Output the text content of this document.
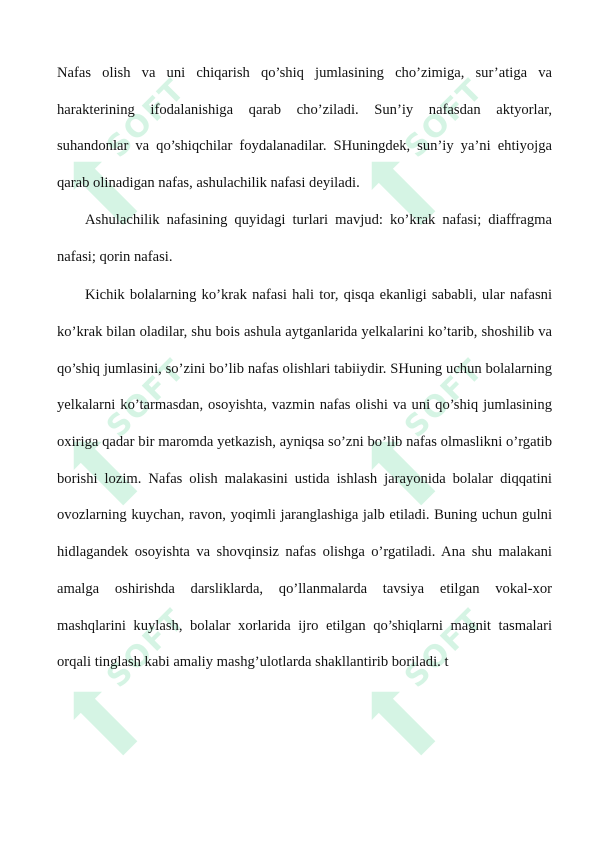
SOFT	SOFT
SOFT	SOFT
SOFT	SOFT

Nafas olish va uni chiqarish qo’shiq jumlasining cho’zimiga, sur’atiga va harakterining ifodalanishiga qarab cho’ziladi. Sun’iy nafasdan aktyorlar, suhandonlar va qo’shiqchilar foydalanadilar. SHuningdek, sun’iy ya’ni ehtiyojga qarab olinadigan nafas, ashulachilik nafasi deyiladi.

Ashulachilik nafasining quyidagi turlari mavjud: ko’krak nafasi; diaffragma nafasi; qorin nafasi.

Kichik bolalarning ko’krak nafasi hali tor, qisqa ekanligi sababli, ular nafasni ko’krak bilan oladilar, shu bois ashula aytganlarida yelkalarini ko’tarib, shoshilib va qo’shiq jumlasini, so’zini bo’lib nafas olishlari tabiiydir. SHuning uchun bolalarning yelkalarni ko’tarmasdan, osoyishta, vazmin nafas olishi va uni qo’shiq jumlasining oxiriga qadar bir maromda yetkazish, ayniqsa so’zni bo’lib nafas olmaslikni o’rgatib borishi lozim. Nafas olish malakasini ustida ishlash jarayonida bolalar diqqatini ovozlarning kuychan, ravon, yoqimli jaranglashiga jalb etiladi. Buning uchun gulni hidlagandek osoyishta va shovqinsiz nafas olishga o’rgatiladi. Ana shu malakani amalga oshirishda darsliklarda, qo’llanmalarda tavsiya etilgan vokal-xor mashqlarini kuylash, bolalar xorlarida ijro etilgan qo’shiqlarni magnit tasmalari orqali tinglash kabi amaliy mashg’ulotlarda shakllantirib boriladi. t
